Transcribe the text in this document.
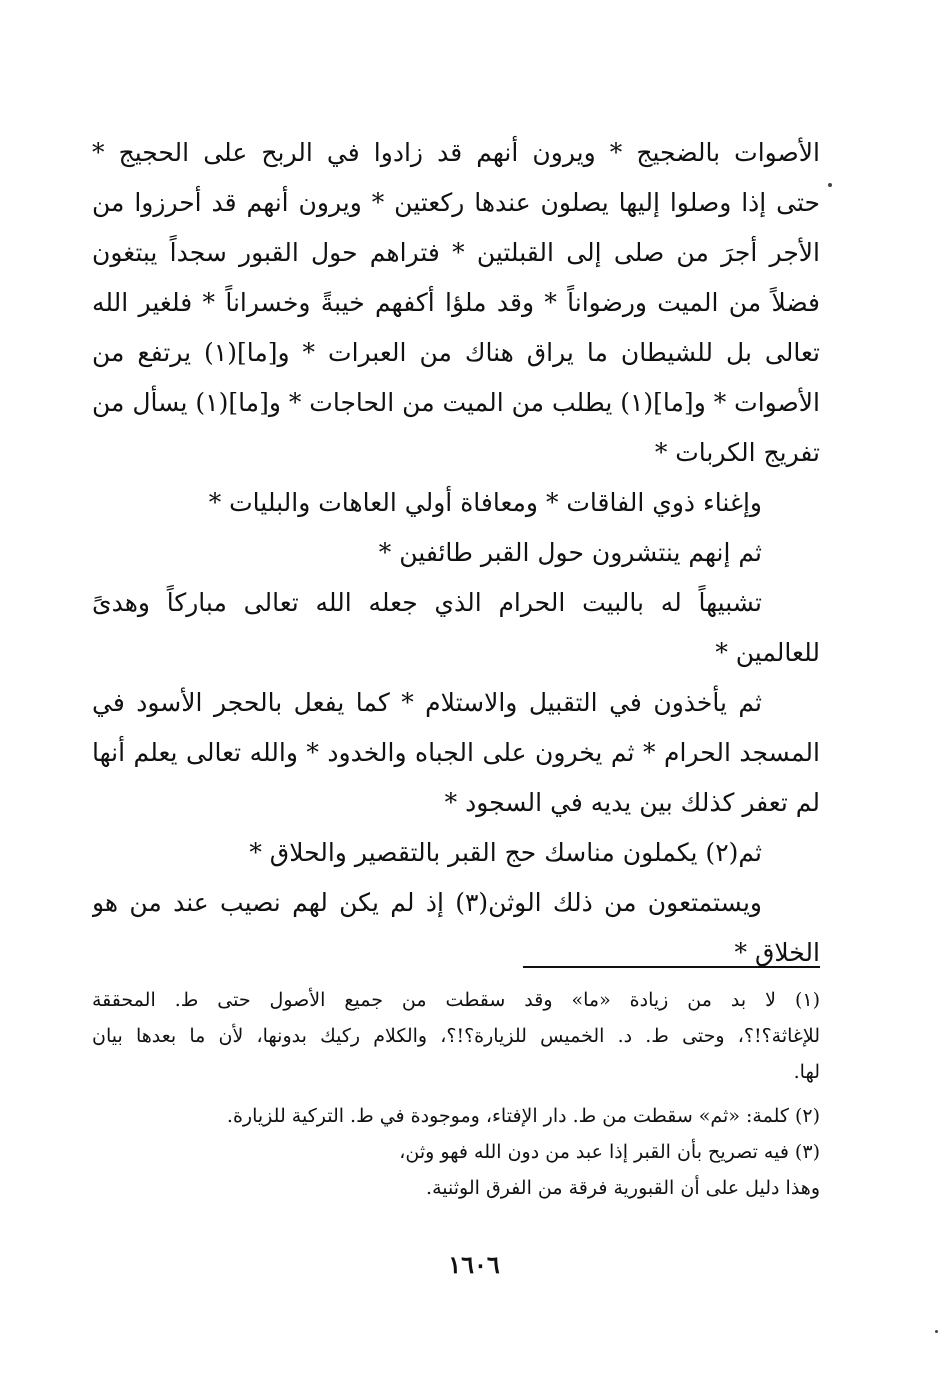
الأصوات بالضجيج * ويرون أنهم قد زادوا في الربح على الحجيج *
حتى إذا وصلوا إليها يصلون عندها ركعتين * ويرون أنهم قد أحرزوا من
الأجر أجرَ من صلى إلى القبلتين * فتراهم حول القبور سجداً يبتغون
فضلاً من الميت ورضواناً * وقد ملؤا أكفهم خيبةً وخسراناً * فلغير الله
تعالى بل للشيطان ما يراق هناك من العبرات * و[ما](١) يرتفع من
الأصوات * و[ما](١) يطلب من الميت من الحاجات * و[ما](١) يسأل من
تفريج الكربات *
وإغناء ذوي الفاقات * ومعافاة أولي العاهات والبليات *
ثم إنهم ينتشرون حول القبر طائفين *
تشبيهاً له بالبيت الحرام الذي جعله الله تعالى مباركاً وهدىً
للعالمين *
ثم يأخذون في التقبيل والاستلام * كما يفعل بالحجر الأسود في
المسجد الحرام * ثم يخرون على الجباه والخدود * والله تعالى يعلم أنها
لم تعفر كذلك بين يديه في السجود *
ثم(٢) يكملون مناسك حج القبر بالتقصير والحلاق *
ويستمتعون من ذلك الوثن(٣) إذ لم يكن لهم نصيب عند من هو
الخلاق *
(١) لا بد من زيادة «ما» وقد سقطت من جميع الأصول حتى ط. المحققة
للإغاثة؟!؟، وحتى ط. د. الخميس للزيارة؟!؟، والكلام ركيك بدونها، لأن ما بعدها بيان
لها.
(٢) كلمة: «ثم» سقطت من ط. دار الإفتاء، وموجودة في ط. التركية للزيارة.
(٣) فيه تصريح بأن القبر إذا عبد من دون الله فهو وثن،
وهذا دليل على أن القبورية فرقة من الفرق الوثنية.
١٦٠٦
